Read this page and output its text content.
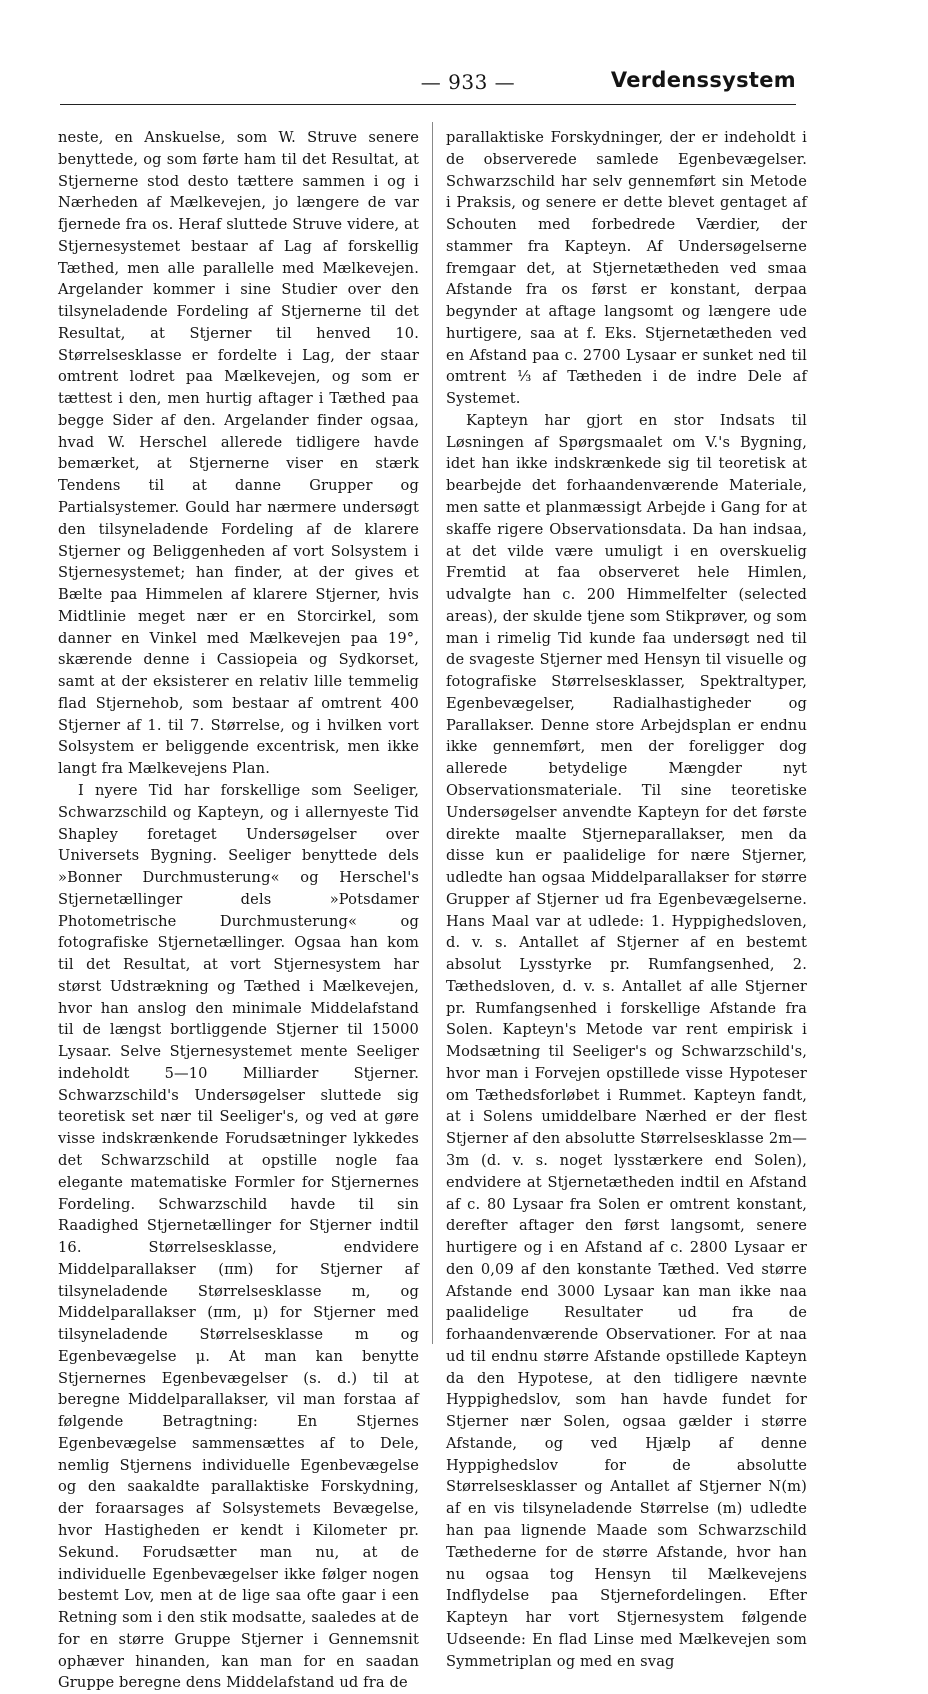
— 933 —	Verdenssystem

neste, en Anskuelse, som W. Struve senere benyttede, og som førte ham til det Resultat, at Stjernerne stod desto tættere sammen i og i Nærheden af Mælkevejen, jo længere de var fjernede fra os. Heraf sluttede Struve videre, at Stjernesystemet bestaar af Lag af forskellig Tæthed, men alle parallelle med Mælkevejen. Argelander kommer i sine Studier over den tilsyneladende Fordeling af Stjernerne til det Resultat, at Stjerner til henved 10. Størrelsesklasse er fordelte i Lag, der staar omtrent lodret paa Mælkevejen, og som er tættest i den, men hurtig aftager i Tæthed paa begge Sider af den. Argelander finder ogsaa, hvad W. Herschel allerede tidligere havde bemærket, at Stjernerne viser en stærk Tendens til at danne Grupper og Partialsystemer. Gould har nærmere undersøgt den tilsyneladende Fordeling af de klarere Stjerner og Beliggenheden af vort Solsystem i Stjernesystemet; han finder, at der gives et Bælte paa Himmelen af klarere Stjerner, hvis Midtlinie meget nær er en Storcirkel, som danner en Vinkel med Mælkevejen paa 19°, skærende denne i Cassiopeia og Sydkorset, samt at der eksisterer en relativ lille temmelig flad Stjernehob, som bestaar af omtrent 400 Stjerner af 1. til 7. Størrelse, og i hvilken vort Solsystem er beliggende excentrisk, men ikke langt fra Mælkevejens Plan.

I nyere Tid har forskellige som Seeliger, Schwarzschild og Kapteyn, og i allernyeste Tid Shapley foretaget Undersøgelser over Universets Bygning. Seeliger benyttede dels »Bonner Durchmusterung« og Herschel's Stjernetællinger dels »Potsdamer Photometrische Durchmusterung« og fotografiske Stjernetællinger. Ogsaa han kom til det Resultat, at vort Stjernesystem har størst Udstrækning og Tæthed i Mælkevejen, hvor han anslog den minimale Middelafstand til de længst bortliggende Stjerner til 15000 Lysaar. Selve Stjernesystemet mente Seeliger indeholdt 5—10 Milliarder Stjerner. Schwarzschild's Undersøgelser sluttede sig teoretisk set nær til Seeliger's, og ved at gøre visse indskrænkende Forudsætninger lykkedes det Schwarzschild at opstille nogle faa elegante matematiske Formler for Stjernernes Fordeling. Schwarzschild havde til sin Raadighed Stjernetællinger for Stjerner indtil 16. Størrelsesklasse, endvidere Middelparallakser (πm) for Stjerner af tilsyneladende Størrelsesklasse m, og Middelparallakser (πm, μ) for Stjerner med tilsyneladende Størrelsesklasse m og Egenbevægelse μ. At man kan benytte Stjernernes Egenbevægelser (s. d.) til at beregne Middelparallakser, vil man forstaa af følgende Betragtning: En Stjernes Egenbevægelse sammensættes af to Dele, nemlig Stjernens individuelle Egenbevægelse og den saakaldte parallaktiske Forskydning, der foraarsages af Solsystemets Bevægelse, hvor Hastigheden er kendt i Kilometer pr. Sekund. Forudsætter man nu, at de individuelle Egenbevægelser ikke følger nogen bestemt Lov, men at de lige saa ofte gaar i een Retning som i den stik modsatte, saaledes at de for en større Gruppe Stjerner i Gennemsnit ophæver hinanden, kan man for en saadan Gruppe beregne dens Middelafstand ud fra de

parallaktiske Forskydninger, der er indeholdt i de observerede samlede Egenbevægelser. Schwarzschild har selv gennemført sin Metode i Praksis, og senere er dette blevet gentaget af Schouten med forbedrede Værdier, der stammer fra Kapteyn. Af Undersøgelserne fremgaar det, at Stjernetætheden ved smaa Afstande fra os først er konstant, derpaa begynder at aftage langsomt og længere ude hurtigere, saa at f. Eks. Stjernetætheden ved en Afstand paa c. 2700 Lysaar er sunket ned til omtrent ⅓ af Tætheden i de indre Dele af Systemet.

Kapteyn har gjort en stor Indsats til Løsningen af Spørgsmaalet om V.'s Bygning, idet han ikke indskrænkede sig til teoretisk at bearbejde det forhaandenværende Materiale, men satte et planmæssigt Arbejde i Gang for at skaffe rigere Observationsdata. Da han indsaa, at det vilde være umuligt i en overskuelig Fremtid at faa observeret hele Himlen, udvalgte han c. 200 Himmelfelter (selected areas), der skulde tjene som Stikprøver, og som man i rimelig Tid kunde faa undersøgt ned til de svageste Stjerner med Hensyn til visuelle og fotografiske Størrelsesklasser, Spektraltyper, Egenbevægelser, Radialhastigheder og Parallakser. Denne store Arbejdsplan er endnu ikke gennemført, men der foreligger dog allerede betydelige Mængder nyt Observationsmateriale. Til sine teoretiske Undersøgelser anvendte Kapteyn for det første direkte maalte Stjerneparallakser, men da disse kun er paalidelige for nære Stjerner, udledte han ogsaa Middelparallakser for større Grupper af Stjerner ud fra Egenbevægelserne. Hans Maal var at udlede: 1. Hyppighedsloven, d. v. s. Antallet af Stjerner af en bestemt absolut Lysstyrke pr. Rumfangsenhed, 2. Tæthedsloven, d. v. s. Antallet af alle Stjerner pr. Rumfangsenhed i forskellige Afstande fra Solen. Kapteyn's Metode var rent empirisk i Modsætning til Seeliger's og Schwarzschild's, hvor man i Forvejen opstillede visse Hypoteser om Tæthedsforløbet i Rummet. Kapteyn fandt, at i Solens umiddelbare Nærhed er der flest Stjerner af den absolutte Størrelsesklasse 2m—3m (d. v. s. noget lysstærkere end Solen), endvidere at Stjernetætheden indtil en Afstand af c. 80 Lysaar fra Solen er omtrent konstant, derefter aftager den først langsomt, senere hurtigere og i en Afstand af c. 2800 Lysaar er den 0,09 af den konstante Tæthed. Ved større Afstande end 3000 Lysaar kan man ikke naa paalidelige Resultater ud fra de forhaandenværende Observationer. For at naa ud til endnu større Afstande opstillede Kapteyn da den Hypotese, at den tidligere nævnte Hyppighedslov, som han havde fundet for Stjerner nær Solen, ogsaa gælder i større Afstande, og ved Hjælp af denne Hyppighedslov for de absolutte Størrelsesklasser og Antallet af Stjerner N(m) af en vis tilsyneladende Størrelse (m) udledte han paa lignende Maade som Schwarzschild Tæthederne for de større Afstande, hvor han nu ogsaa tog Hensyn til Mælkevejens Indflydelse paa Stjernefordelingen. Efter Kapteyn har vort Stjernesystem følgende Udseende: En flad Linse med Mælkevejen som Symmetriplan og med en svag
